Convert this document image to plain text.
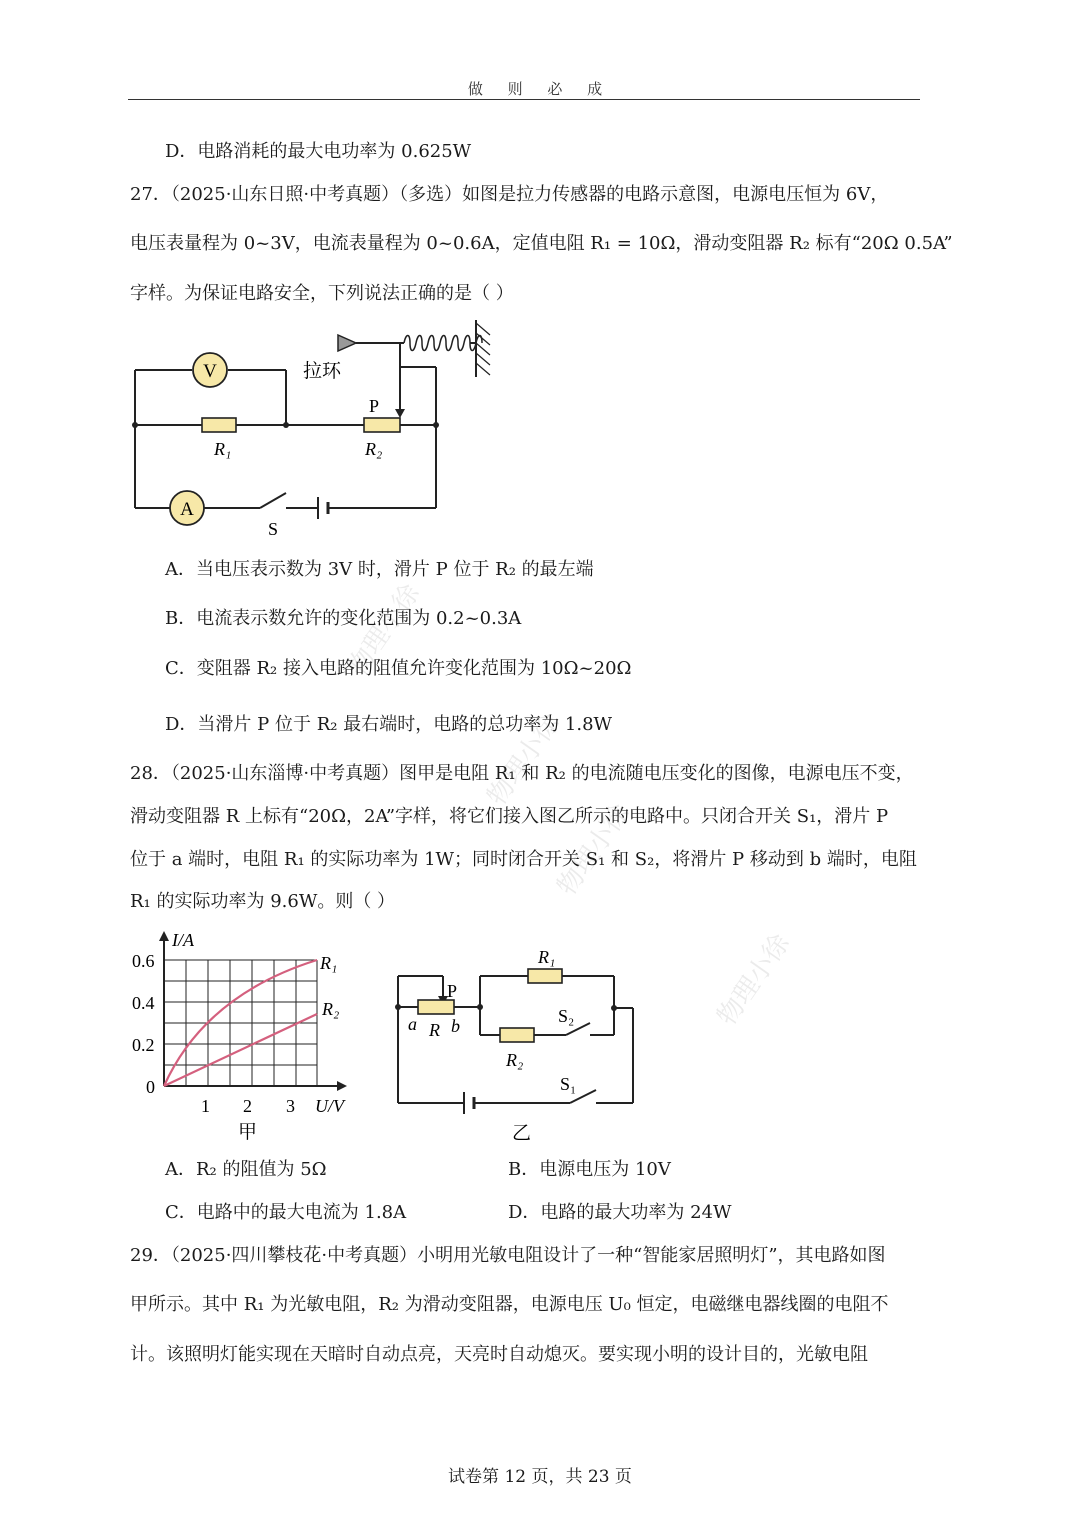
做 则 必 成
物理小徐
物理小徐
物理小徐
物理小徐
D．电路消耗的最大电功率为 0.625W
27．（2025·山东日照·中考真题）（多选）如图是拉力传感器的电路示意图，电源电压恒为 6V，
电压表量程为 0~3V，电流表量程为 0~0.6A，定值电阻 R₁ = 10Ω，滑动变阻器 R₂ 标有“20Ω 0.5A”
字样。为保证电路安全，下列说法正确的是（ ）
V
A
拉环
P
R₁	R₂
S
A．当电压表示数为 3V 时，滑片 P 位于 R₂ 的最左端
B．电流表示数允许的变化范围为 0.2~0.3A
C．变阻器 R₂ 接入电路的阻值允许变化范围为 10Ω~20Ω
D．当滑片 P 位于 R₂ 最右端时，电路的总功率为 1.8W
28．（2025·山东淄博·中考真题）图甲是电阻 R₁ 和 R₂ 的电流随电压变化的图像，电源电压不变，
滑动变阻器 R 上标有“20Ω，2A”字样，将它们接入图乙所示的电路中。只闭合开关 S₁，滑片 P
位于 a 端时，电阻 R₁ 的实际功率为 1W；同时闭合开关 S₁ 和 S₂，将滑片 P 移动到 b 端时，电阻
R₁ 的实际功率为 9.6W。则（ ）
I/A
0.6
0.4
0.2
0
1 2 3 U/V
R₁
R₂
甲
P
a R b
R₁
R₂
S₂
S₁
乙
A．R₂ 的阻值为 5Ω	B．电源电压为 10V
C．电路中的最大电流为 1.8A	D．电路的最大功率为 24W
29．（2025·四川攀枝花·中考真题）小明用光敏电阻设计了一种“智能家居照明灯”，其电路如图
甲所示。其中 R₁ 为光敏电阻，R₂ 为滑动变阻器，电源电压 U₀ 恒定，电磁继电器线圈的电阻不
计。该照明灯能实现在天暗时自动点亮，天亮时自动熄灭。要实现小明的设计目的，光敏电阻
试卷第 12 页，共 23 页
